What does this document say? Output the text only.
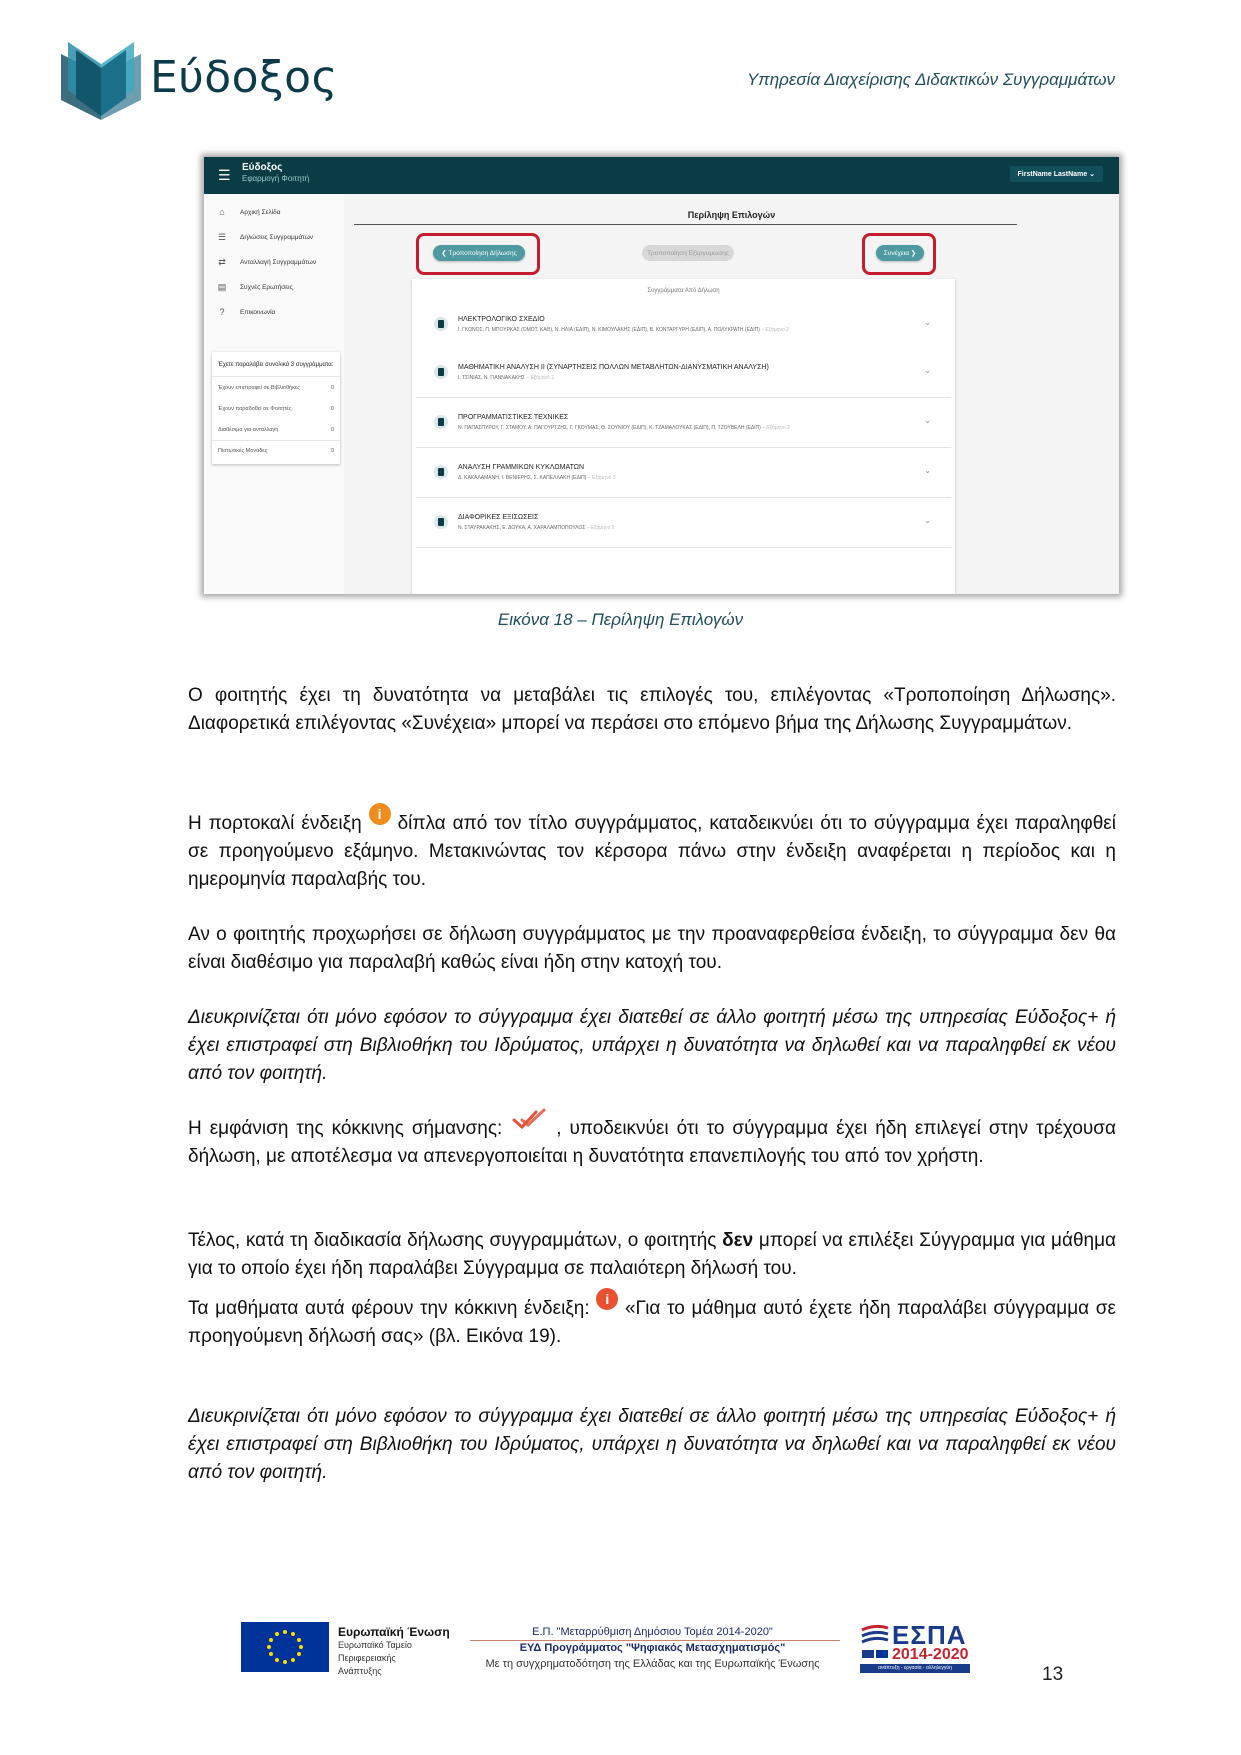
Εύδοξος	Υπηρεσία Διαχείρισης Διδακτικών Συγγραμμάτων
☰ Εύδοξος
Εφαρμογή Φοιτητή	FirstName LastName ⌄
⌂	Αρχική Σελίδα
☰	Δηλώσεις Συγγραμμάτων
⇄	Ανταλλαγή Συγγραμμάτων
▤	Συχνές Ερωτήσεις
?	Επικοινωνία
Έχετε παραλάβει συνολικά 3 συγγράμματα:
Έχουν επιστραφεί σε Βιβλιοθήκες	0
Έχουν παραδοθεί σε Φοιτητές	0
Διαθέσιμα για ανταλλαγή	0
Πιστωτικές Μονάδες	0
Περίληψη Επιλογών
❮ Τροποποίηση Δήλωσης	Τροποποίηση Εξεργυμωσης	Συνέχεια ❯
Συγγράμματα Από Δήλωση
ΗΛΕΚΤΡΟΛΟΓΙΚΟ ΣΧΕΔΙΟ
Ι. ΓΚΟΝΟΣ, Π. ΜΠΟΥΡΚΑΣ (ΟΜΟΤ. ΚΑΘ), Ν. ΗΛΙΑ (ΕΔΙΠ), Ν. ΚΙΜΟΥΛΑΚΗΣ (ΕΔΙΠ), Β. ΚΟΝΤΑΡΓΥΡΗ (ΕΔΙΠ), Α. ΠΟΛΥΚΡΑΤΗ (ΕΔΙΠ) – Εξάμηνο 2
⌄
ΜΑΘΗΜΑΤΙΚΗ ΑΝΑΛΥΣΗ ΙΙ (ΣΥΝΑΡΤΗΣΕΙΣ ΠΟΛΛΩΝ ΜΕΤΑΒΛΗΤΩΝ-ΔΙΑΝΥΣΜΑΤΙΚΗ ΑΝΑΛΥΣΗ)
Ι. ΤΣΙΝΙΑΣ, Ν. ΓΙΑΝΝΑΚΑΚΗΣ – Εξάμηνο 2
⌄
ΠΡΟΓΡΑΜΜΑΤΙΣΤΙΚΕΣ ΤΕΧΝΙΚΕΣ
Ν. ΠΑΠΑΣΠΥΡΟΥ, Γ. ΣΤΑΜΟΥ, Α. ΠΑΓΟΥΡΤΖΗΣ, Γ. ΓΚΟΥΜΑΣ, Θ. ΣΟΥΝΙΟΥ (ΕΔΙΠ), Κ. ΤΖΑΜΑΛΟΥΚΑΣ (ΕΔΙΠ), Π. ΤΖΟΥΒΕΛΗ (ΕΔΙΠ) – Εξάμηνο 2
⌄
ΑΝΑΛΥΣΗ ΓΡΑΜΜΙΚΩΝ ΚΥΚΛΩΜΑΤΩΝ
Δ. ΚΑΚΑΛΑΜΑΝΗ, Ι. ΒΕΝΙΕΡΗΣ, Σ. ΚΑΠΕΛΛΑΚΗ (ΕΔΙΠ) – Εξάμηνο 3
⌄
ΔΙΑΦΟΡΙΚΕΣ ΕΞΙΣΩΣΕΙΣ
Ν. ΣΤΑΥΡΑΚΑΚΗΣ, Ε. ΔΟΥΚΑ, Α. ΧΑΡΑΛΑΜΠΟΠΟΥΛΟΣ – Εξάμηνο 2
⌄
Εικόνα 18 – Περίληψη Επιλογών
Ο φοιτητής έχει τη δυνατότητα να μεταβάλει τις επιλογές του, επιλέγοντας «Τροποποίηση Δήλωσης». Διαφορετικά επιλέγοντας «Συνέχεια» μπορεί να περάσει στο επόμενο βήμα της Δήλωσης Συγγραμμάτων.
Η πορτοκαλί ένδειξη i δίπλα από τον τίτλο συγγράμματος, καταδεικνύει ότι το σύγγραμμα έχει παραληφθεί σε προηγούμενο εξάμηνο. Μετακινώντας τον κέρσορα πάνω στην ένδειξη αναφέρεται η περίοδος και η ημερομηνία παραλαβής του.
Αν ο φοιτητής προχωρήσει σε δήλωση συγγράμματος με την προαναφερθείσα ένδειξη, το σύγγραμμα δεν θα είναι διαθέσιμο για παραλαβή καθώς είναι ήδη στην κατοχή του.
Διευκρινίζεται ότι μόνο εφόσον το σύγγραμμα έχει διατεθεί σε άλλο φοιτητή μέσω της υπηρεσίας Εύδοξος+ ή έχει επιστραφεί στη Βιβλιοθήκη του Ιδρύματος, υπάρχει η δυνατότητα να δηλωθεί και να παραληφθεί εκ νέου από τον φοιτητή.
Η εμφάνιση της κόκκινης σήμανσης:  , υποδεικνύει ότι το σύγγραμμα έχει ήδη επιλεγεί στην τρέχουσα δήλωση, με αποτέλεσμα να απενεργοποιείται η δυνατότητα επανεπιλογής του από τον χρήστη.
Τέλος, κατά τη διαδικασία δήλωσης συγγραμμάτων, ο φοιτητής δεν μπορεί να επιλέξει Σύγγραμμα για μάθημα για το οποίο έχει ήδη παραλάβει Σύγγραμμα σε παλαιότερη δήλωσή του.
Τα μαθήματα αυτά φέρουν την κόκκινη ένδειξη: i «Για το μάθημα αυτό έχετε ήδη παραλάβει σύγγραμμα σε προηγούμενη δήλωσή σας» (βλ. Εικόνα 19).
Διευκρινίζεται ότι μόνο εφόσον το σύγγραμμα έχει διατεθεί σε άλλο φοιτητή μέσω της υπηρεσίας Εύδοξος+ ή έχει επιστραφεί στη Βιβλιοθήκη του Ιδρύματος, υπάρχει η δυνατότητα να δηλωθεί και να παραληφθεί εκ νέου από τον φοιτητή.
Ευρωπαϊκή Ένωση
Ευρωπαϊκό Ταμείο
Περιφερειακής
Ανάπτυξης
Ε.Π. "Μεταρρύθμιση Δημόσιου Τομέα 2014-2020"
ΕΥΔ Προγράμματος "Ψηφιακός Μετασχηματισμός"
Με τη συγχρηματοδότηση της Ελλάδας και της Ευρωπαϊκής Ένωσης
ΕΣΠΑ
2014-2020
ανάπτυξη - εργασία - αλληλεγγύη	13
